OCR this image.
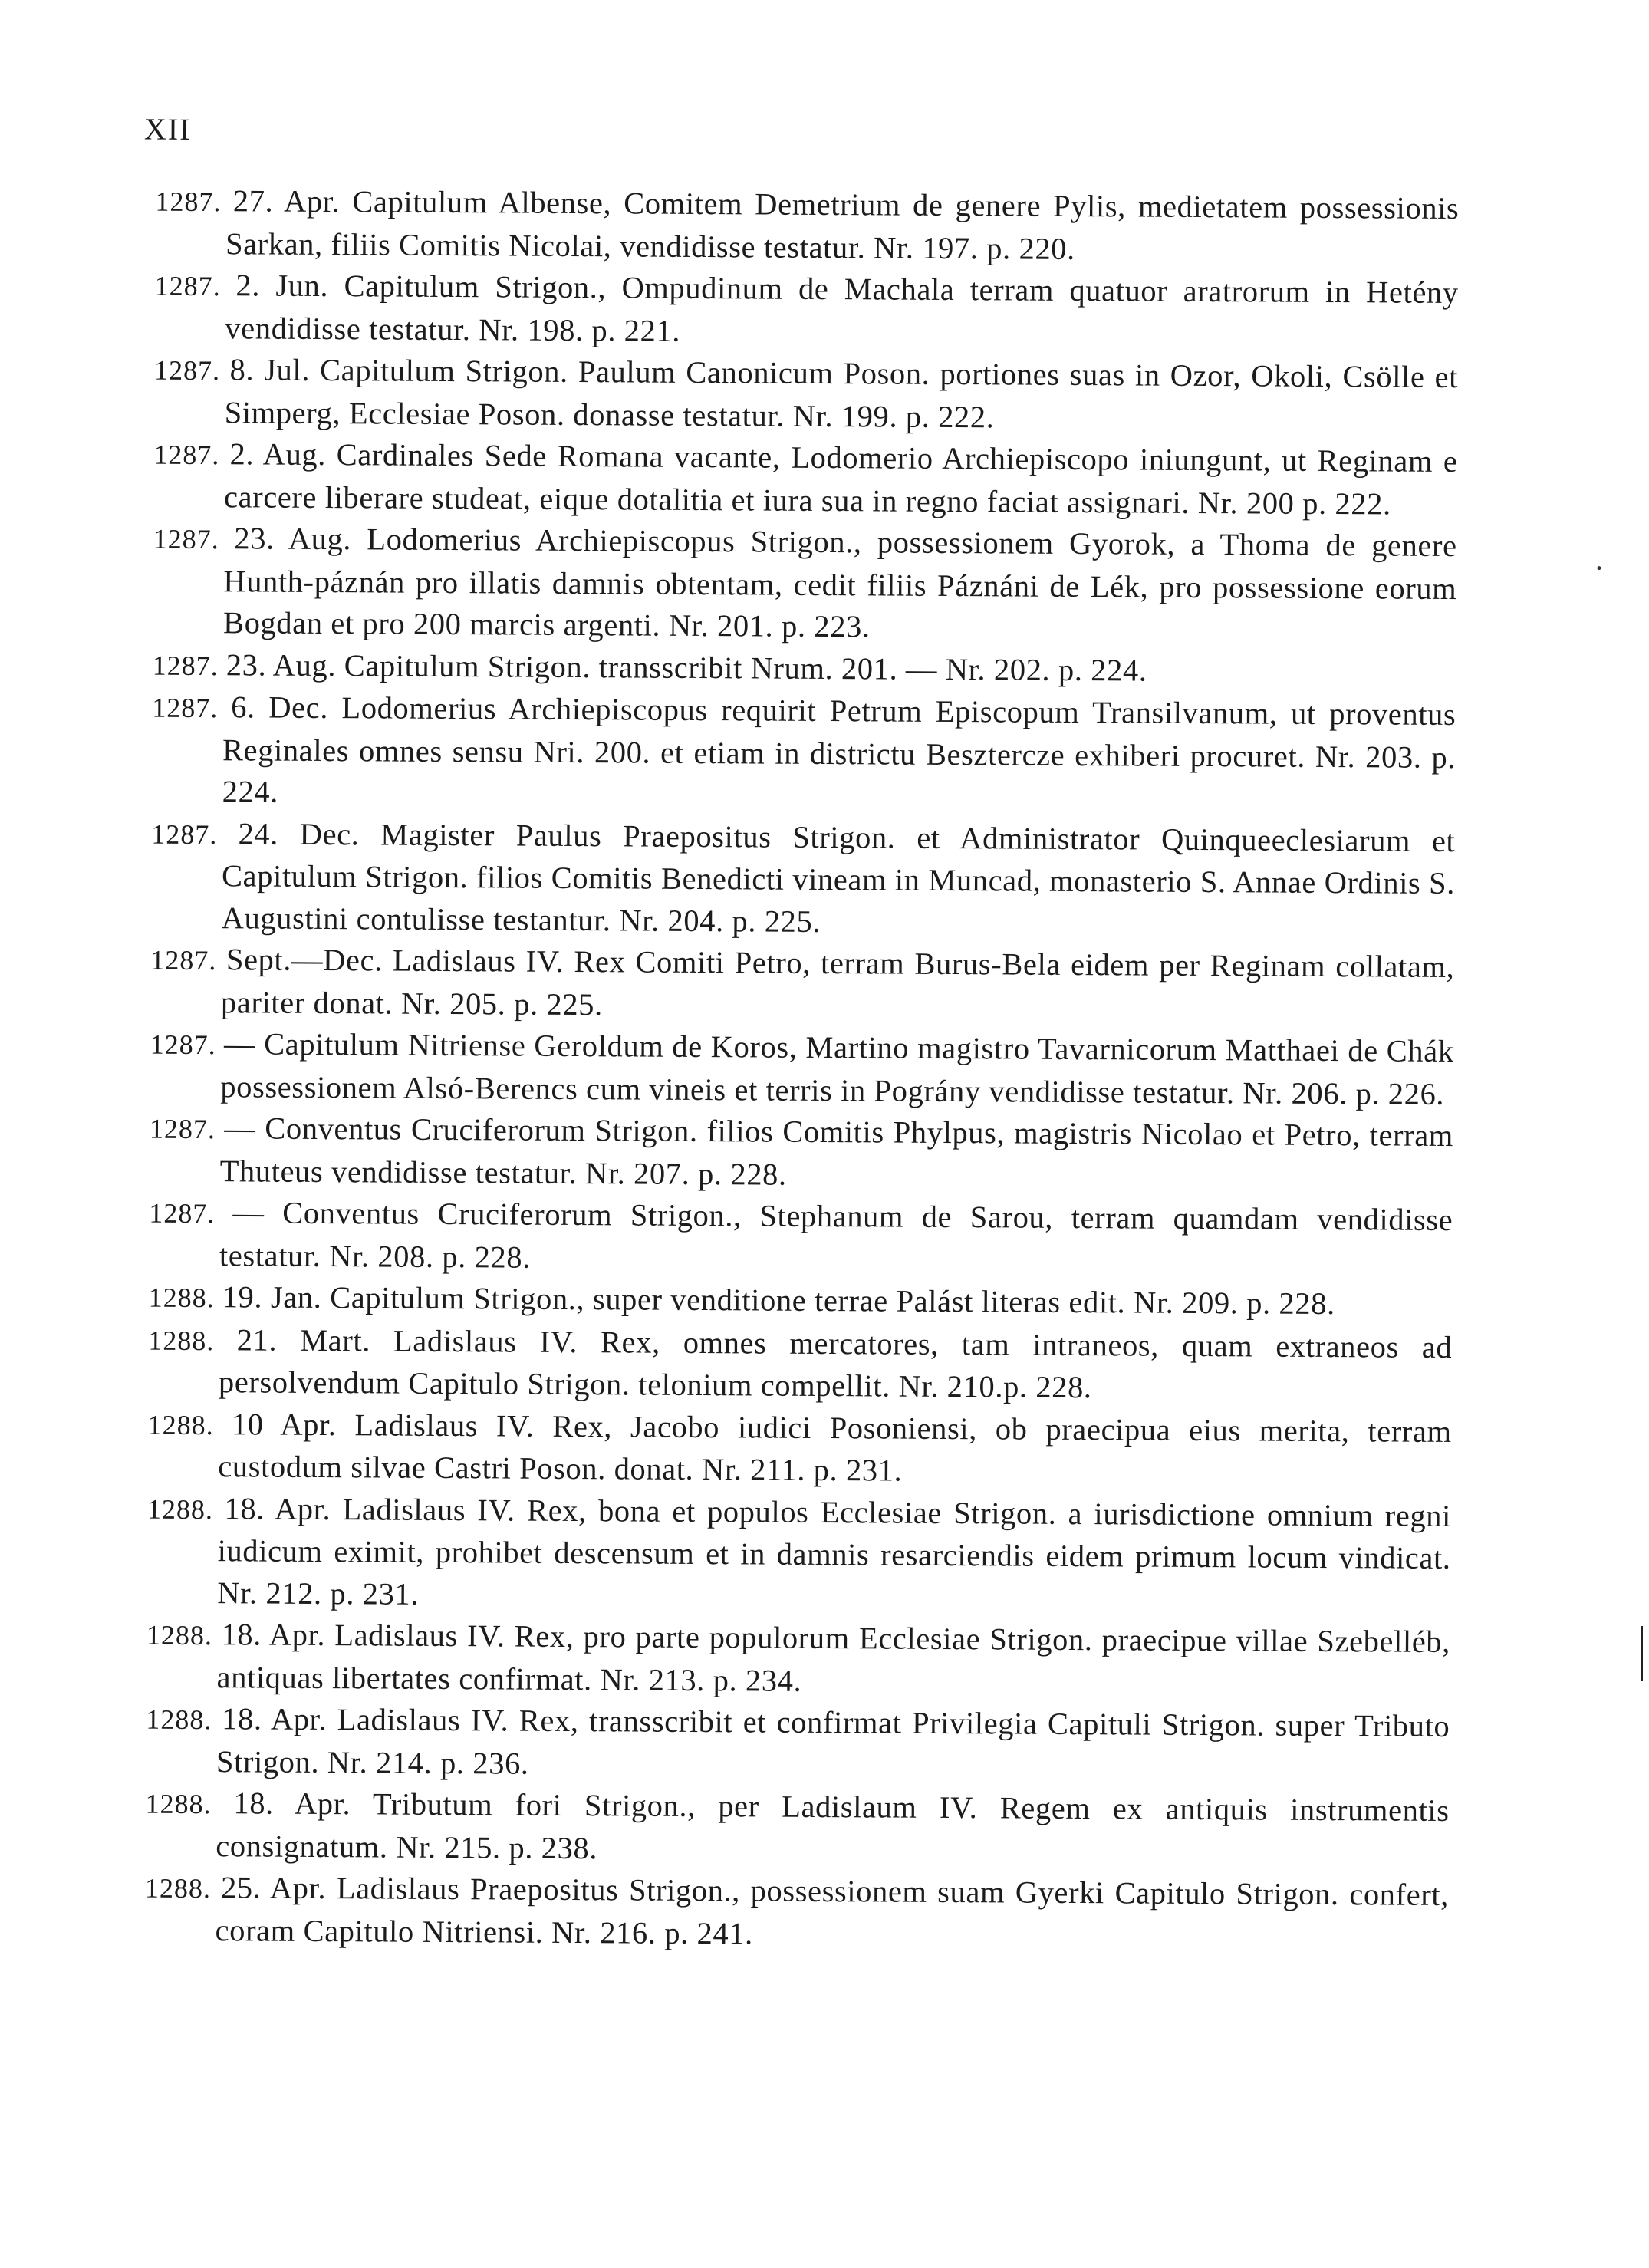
XII
1287. 27. Apr. Capitulum Albense, Comitem Demetrium de genere Pylis, medietatem possessionis Sarkan, filiis Comitis Nicolai, vendidisse testatur. Nr. 197. p. 220.
1287. 2. Jun. Capitulum Strigon., Ompudinum de Machala terram quatuor aratrorum in Hetény vendidisse testatur. Nr. 198. p. 221.
1287. 8. Jul. Capitulum Strigon. Paulum Canonicum Poson. portiones suas in Ozor, Okoli, Csölle et Simperg, Ecclesiae Poson. donasse testatur. Nr. 199. p. 222.
1287. 2. Aug. Cardinales Sede Romana vacante, Lodomerio Archiepiscopo iniungunt, ut Reginam e carcere liberare studeat, eique dotalitia et iura sua in regno faciat assignari. Nr. 200 p. 222.
1287. 23. Aug. Lodomerius Archiepiscopus Strigon., possessionem Gyorok, a Thoma de genere Hunth-páznán pro illatis damnis obtentam, cedit filiis Páznáni de Lék, pro possessione eorum Bogdan et pro 200 marcis argenti. Nr. 201. p. 223.
1287. 23. Aug. Capitulum Strigon. transscribit Nrum. 201. — Nr. 202. p. 224.
1287. 6. Dec. Lodomerius Archiepiscopus requirit Petrum Episcopum Transilvanum, ut proventus Reginales omnes sensu Nri. 200. et etiam in districtu Beszterczе exhiberi procuret. Nr. 203. p. 224.
1287. 24. Dec. Magister Paulus Praepositus Strigon. et Administrator Quinqueeclesiarum et Capitulum Strigon. filios Comitis Benedicti vineam in Muncad, monasterio S. Annae Ordinis S. Augustini contulisse testantur. Nr. 204. p. 225.
1287. Sept.—Dec. Ladislaus IV. Rex Comiti Petro, terram Burus-Bela eidem per Reginam collatam, pariter donat. Nr. 205. p. 225.
1287. — Capitulum Nitriense Geroldum de Koros, Martino magistro Tavarnicorum Matthaei de Chák possessionem Alsó-Berencs cum vineis et terris in Pográny vendidisse testatur. Nr. 206. p. 226.
1287. — Conventus Cruciferorum Strigon. filios Comitis Phylpus, magistris Nicolao et Petro, terram Thuteus vendidisse testatur. Nr. 207. p. 228.
1287. — Conventus Cruciferorum Strigon., Stephanum de Sarou, terram quamdam vendidisse testatur. Nr. 208. p. 228.
1288. 19. Jan. Capitulum Strigon., super venditione terrae Palást literas edit. Nr. 209. p. 228.
1288. 21. Mart. Ladislaus IV. Rex, omnes mercatores, tam intraneos, quam extraneos ad persolvendum Capitulo Strigon. telonium compellit. Nr. 210.p. 228.
1288. 10 Apr. Ladislaus IV. Rex, Jacobo iudici Posoniensi, ob praecipua eius merita, terram custodum silvae Castri Poson. donat. Nr. 211. p. 231.
1288. 18. Apr. Ladislaus IV. Rex, bona et populos Ecclesiae Strigon. a iurisdictione omnium regni iudicum eximit, prohibet descensum et in damnis resarciendis eidem primum locum vindicat. Nr. 212. p. 231.
1288. 18. Apr. Ladislaus IV. Rex, pro parte populorum Ecclesiae Strigon. praecipue villae Szebelléb, antiquas libertates confirmat. Nr. 213. p. 234.
1288. 18. Apr. Ladislaus IV. Rex, transscribit et confirmat Privilegia Capituli Strigon. super Tributo Strigon. Nr. 214. p. 236.
1288. 18. Apr. Tributum fori Strigon., per Ladislaum IV. Regem ex antiquis instrumentis consignatum. Nr. 215. p. 238.
1288. 25. Apr. Ladislaus Praepositus Strigon., possessionem suam Gyerki Capitulo Strigon. confert, coram Capitulo Nitriensi. Nr. 216. p. 241.
